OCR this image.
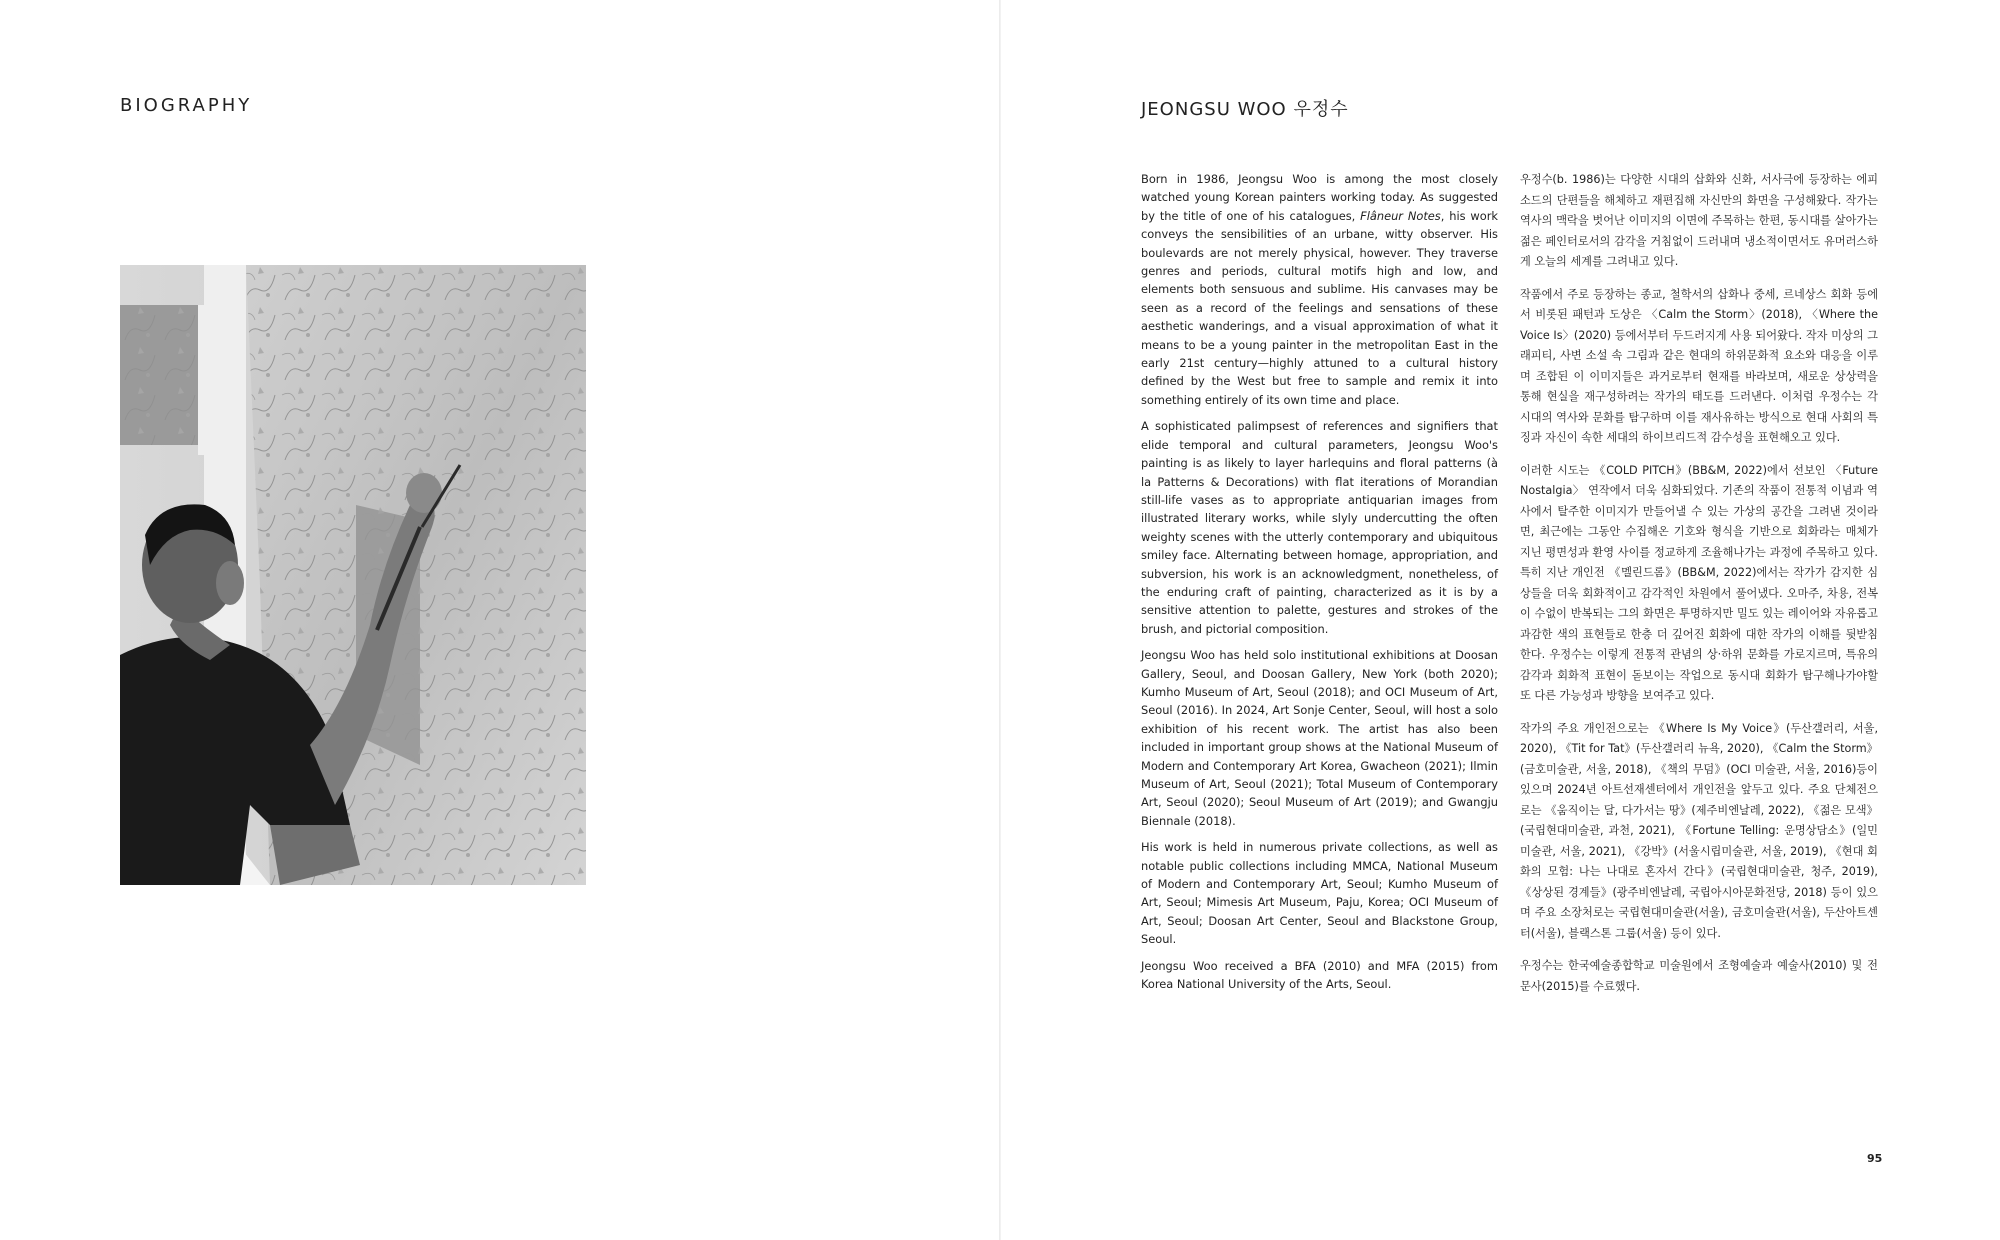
BIOGRAPHY	JEONGSU WOO 우정수

Born in 1986, Jeongsu Woo is among the most closely watched young Korean painters working today. As suggested by the title of one of his catalogues, Flâneur Notes, his work conveys the sensibilities of an urbane, witty observer. His boulevards are not merely physical, however. They traverse genres and periods, cultural motifs high and low, and elements both sensuous and sublime. His canvases may be seen as a record of the feelings and sensations of these aesthetic wanderings, and a visual approximation of what it means to be a young painter in the metropolitan East in the early 21st century—highly attuned to a cultural history defined by the West but free to sample and remix it into something entirely of its own time and place.

A sophisticated palimpsest of references and signifiers that elide temporal and cultural parameters, Jeongsu Woo's painting is as likely to layer harlequins and floral patterns (à la Patterns & Decorations) with flat iterations of Morandian still-life vases as to appropriate antiquarian images from illustrated literary works, while slyly undercutting the often weighty scenes with the utterly contemporary and ubiquitous smiley face. Alternating between homage, appropriation, and subversion, his work is an acknowledgment, nonetheless, of the enduring craft of painting, characterized as it is by a sensitive attention to palette, gestures and strokes of the brush, and pictorial composition.

Jeongsu Woo has held solo institutional exhibitions at Doosan Gallery, Seoul, and Doosan Gallery, New York (both 2020); Kumho Museum of Art, Seoul (2018); and OCI Museum of Art, Seoul (2016). In 2024, Art Sonje Center, Seoul, will host a solo exhibition of his recent work. The artist has also been included in important group shows at the National Museum of Modern and Contemporary Art Korea, Gwacheon (2021); Ilmin Museum of Art, Seoul (2021); Total Museum of Contemporary Art, Seoul (2020); Seoul Museum of Art (2019); and Gwangju Biennale (2018).

His work is held in numerous private collections, as well as notable public collections including MMCA, National Museum of Modern and Contemporary Art, Seoul; Kumho Museum of Art, Seoul; Mimesis Art Museum, Paju, Korea; OCI Museum of Art, Seoul; Doosan Art Center, Seoul and Blackstone Group, Seoul.

Jeongsu Woo received a BFA (2010) and MFA (2015) from Korea National University of the Arts, Seoul.

우정수(b. 1986)는 다양한 시대의 삽화와 신화, 서사극에 등장하는 에피소드의 단편들을 해체하고 재편집해 자신만의 화면을 구성해왔다. 작가는 역사의 맥락을 벗어난 이미지의 이면에 주목하는 한편, 동시대를 살아가는 젊은 페인터로서의 감각을 거침없이 드러내며 냉소적이면서도 유머러스하게 오늘의 세계를 그려내고 있다.

작품에서 주로 등장하는 종교, 철학서의 삽화나 중세, 르네상스 회화 등에서 비롯된 패턴과 도상은 〈Calm the Storm〉(2018), 〈Where the Voice Is〉(2020) 등에서부터 두드러지게 사용 되어왔다. 작자 미상의 그래피티, 사변 소설 속 그림과 같은 현대의 하위문화적 요소와 대응을 이루며 조합된 이 이미지들은 과거로부터 현재를 바라보며, 새로운 상상력을 통해 현실을 재구성하려는 작가의 태도를 드러낸다. 이처럼 우정수는 각 시대의 역사와 문화를 탐구하며 이를 재사유하는 방식으로 현대 사회의 특징과 자신이 속한 세대의 하이브리드적 감수성을 표현해오고 있다.

이러한 시도는 《COLD PITCH》(BB&M, 2022)에서 선보인 〈Future Nostalgia〉 연작에서 더욱 심화되었다. 기존의 작품이 전통적 이념과 역사에서 탈주한 이미지가 만들어낼 수 있는 가상의 공간을 그려낸 것이라면, 최근에는 그동안 수집해온 기호와 형식을 기반으로 회화라는 매체가 지닌 평면성과 환영 사이를 정교하게 조율해나가는 과정에 주목하고 있다. 특히 지난 개인전 《멜린드롬》(BB&M, 2022)에서는 작가가 감지한 심상들을 더욱 회화적이고 감각적인 차원에서 풀어냈다. 오마주, 차용, 전복이 수없이 반복되는 그의 화면은 투명하지만 밀도 있는 레이어와 자유롭고 과감한 색의 표현들로 한층 더 깊어진 회화에 대한 작가의 이해를 뒷받침한다. 우정수는 이렇게 전통적 관념의 상·하위 문화를 가로지르며, 특유의 감각과 회화적 표현이 돋보이는 작업으로 동시대 회화가 탐구해나가야할 또 다른 가능성과 방향을 보여주고 있다.

작가의 주요 개인전으로는 《Where Is My Voice》(두산갤러리, 서울, 2020), 《Tit for Tat》(두산갤러리 뉴욕, 2020), 《Calm the Storm》(금호미술관, 서울, 2018), 《책의 무덤》(OCI 미술관, 서울, 2016)등이 있으며 2024년 아트선재센터에서 개인전을 앞두고 있다. 주요 단체전으로는 《움직이는 달, 다가서는 땅》(제주비엔날레, 2022), 《젊은 모색》(국립현대미술관, 과천, 2021), 《Fortune Telling: 운명상담소》(일민미술관, 서울, 2021), 《강박》(서울시립미술관, 서울, 2019), 《현대 회화의 모험: 나는 나대로 혼자서 간다》(국립현대미술관, 청주, 2019), 《상상된 경계들》(광주비엔날레, 국립아시아문화전당, 2018) 등이 있으며 주요 소장처로는 국립현대미술관(서울), 금호미술관(서울), 두산아트센터(서울), 블랙스톤 그룹(서울) 등이 있다.

우정수는 한국예술종합학교 미술원에서 조형예술과 예술사(2010) 및 전문사(2015)를 수료했다.

95
